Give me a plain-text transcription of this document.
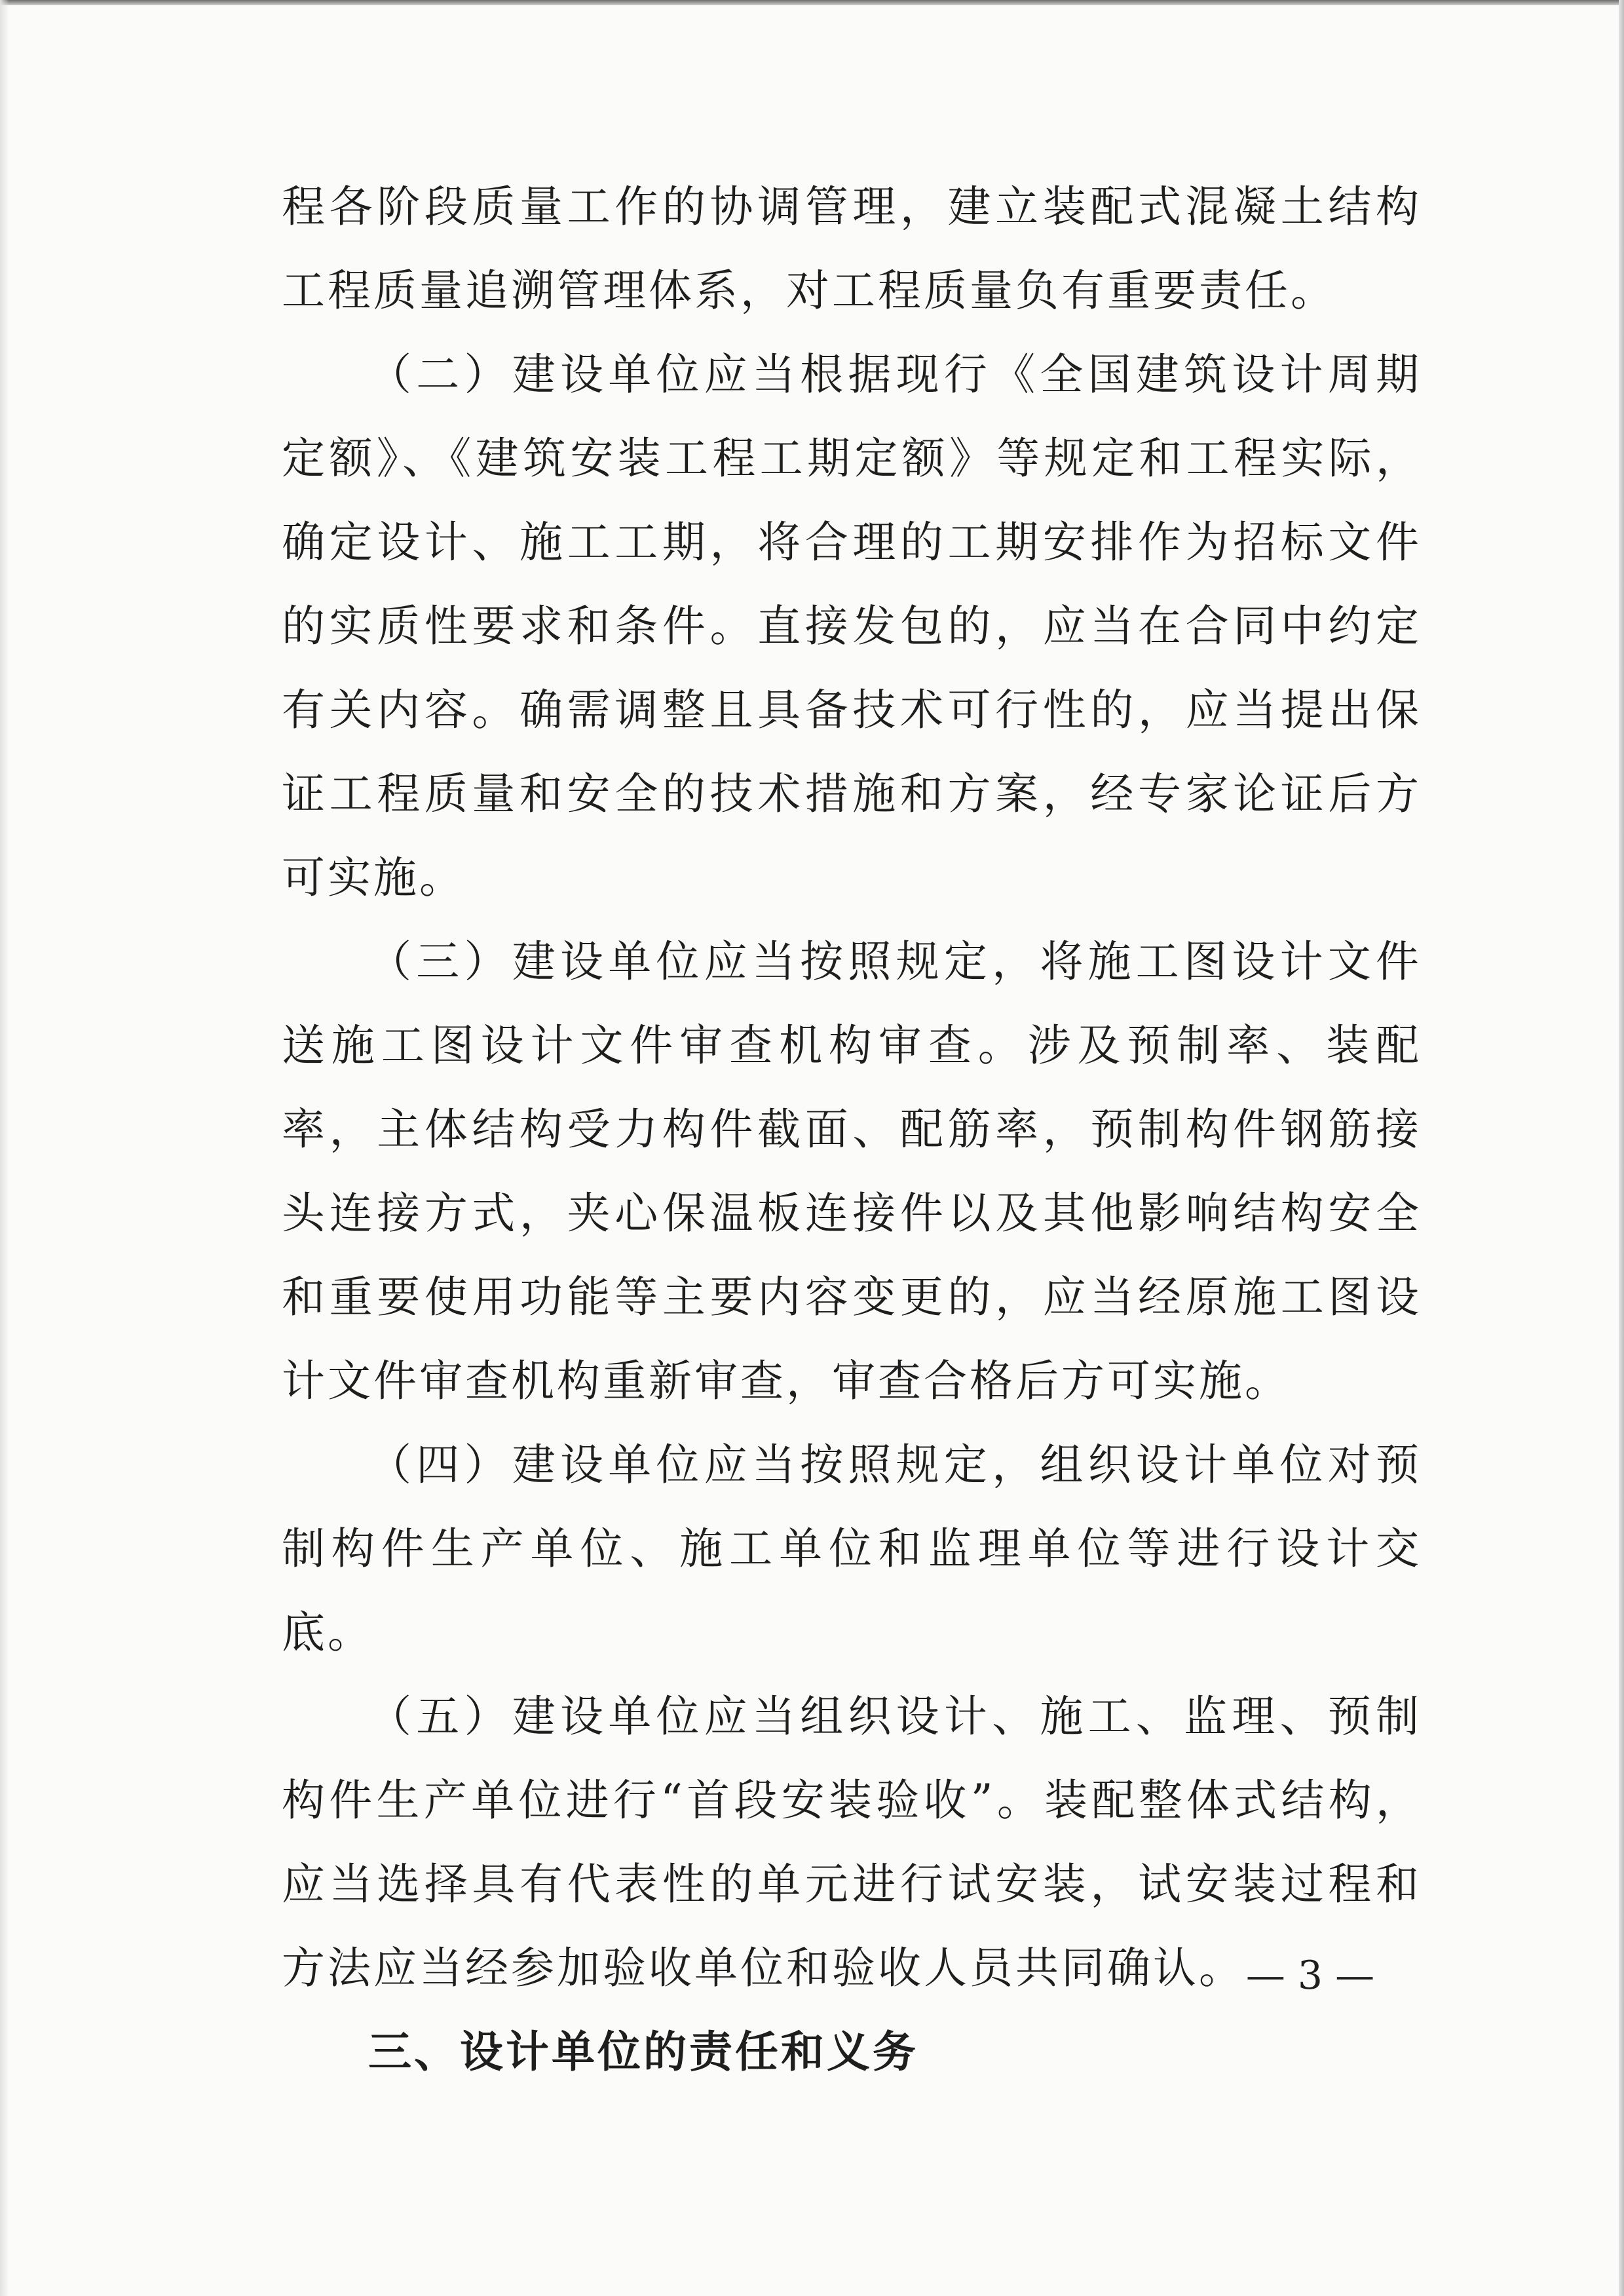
程各阶段质量工作的协调管理，建立装配式混凝土结构工程质量追溯管理体系，对工程质量负有重要责任。

（二）建设单位应当根据现行《全国建筑设计周期定额》、《建筑安装工程工期定额》等规定和工程实际，确定设计、施工工期，将合理的工期安排作为招标文件的实质性要求和条件。直接发包的，应当在合同中约定有关内容。确需调整且具备技术可行性的，应当提出保证工程质量和安全的技术措施和方案，经专家论证后方可实施。

（三）建设单位应当按照规定，将施工图设计文件送施工图设计文件审查机构审查。涉及预制率、装配率，主体结构受力构件截面、配筋率，预制构件钢筋接头连接方式，夹心保温板连接件以及其他影响结构安全和重要使用功能等主要内容变更的，应当经原施工图设计文件审查机构重新审查，审查合格后方可实施。

（四）建设单位应当按照规定，组织设计单位对预制构件生产单位、施工单位和监理单位等进行设计交底。

（五）建设单位应当组织设计、施工、监理、预制构件生产单位进行“首段安装验收”。装配整体式结构，应当选择具有代表性的单元进行试安装，试安装过程和方法应当经参加验收单位和验收人员共同确认。

三、设计单位的责任和义务

— 3 —
